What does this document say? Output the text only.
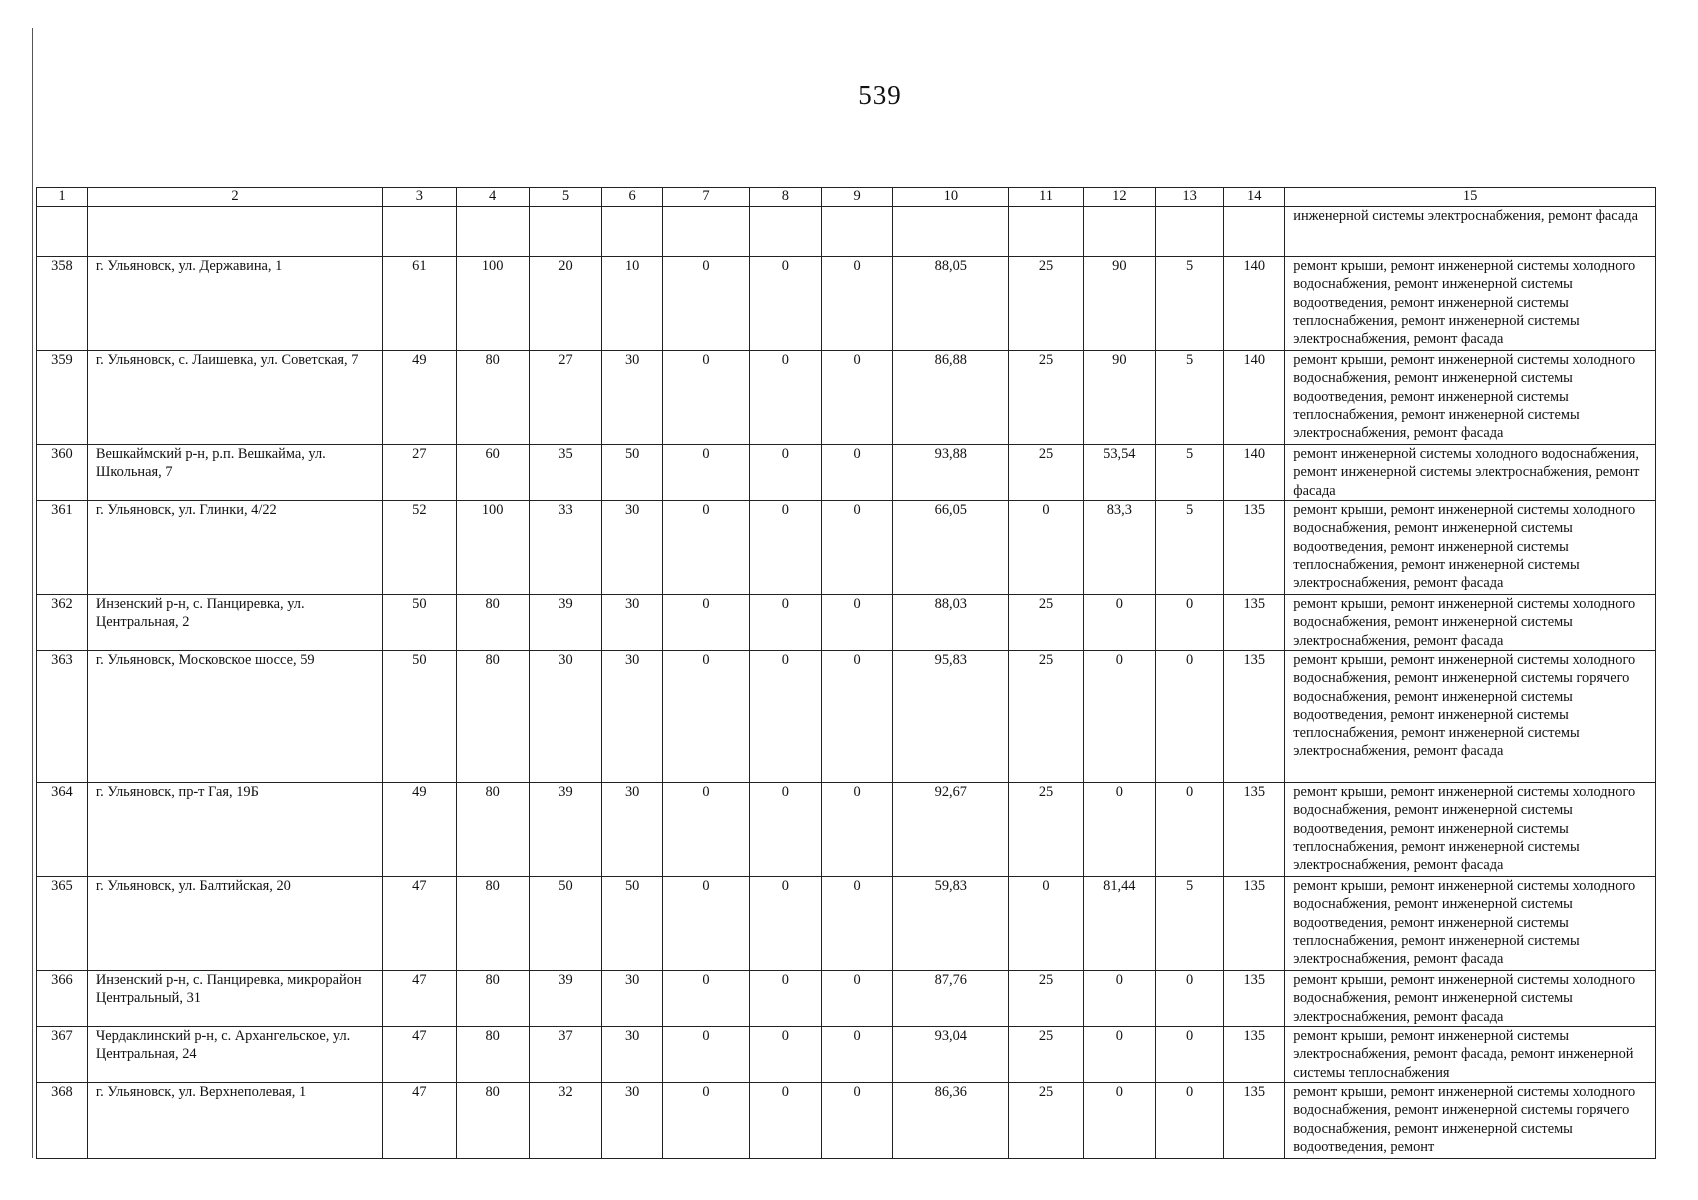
539
1	2	3	4	5	6	7	8	9	10	11	12	13	14	15
														инженерной системы электроснабжения, ремонт фасада
358	г. Ульяновск, ул. Державина, 1	61	100	20	10	0	0	0	88,05	25	90	5	140	ремонт крыши, ремонт инженерной системы холодного водоснабжения, ремонт инженерной системы водоотведения, ремонт инженерной системы теплоснабжения, ремонт инженерной системы электроснабжения, ремонт фасада
359	г. Ульяновск, с. Лаишевка, ул. Советская, 7	49	80	27	30	0	0	0	86,88	25	90	5	140	ремонт крыши, ремонт инженерной системы холодного водоснабжения, ремонт инженерной системы водоотведения, ремонт инженерной системы теплоснабжения, ремонт инженерной системы электроснабжения, ремонт фасада
360	Вешкаймский р-н, р.п. Вешкайма, ул. Школьная, 7	27	60	35	50	0	0	0	93,88	25	53,54	5	140	ремонт инженерной системы холодного водоснабжения, ремонт инженерной системы электроснабжения, ремонт фасада
361	г. Ульяновск, ул. Глинки, 4/22	52	100	33	30	0	0	0	66,05	0	83,3	5	135	ремонт крыши, ремонт инженерной системы холодного водоснабжения, ремонт инженерной системы водоотведения, ремонт инженерной системы теплоснабжения, ремонт инженерной системы электроснабжения, ремонт фасада
362	Инзенский р-н, с. Панциревка, ул. Центральная, 2	50	80	39	30	0	0	0	88,03	25	0	0	135	ремонт крыши, ремонт инженерной системы холодного водоснабжения, ремонт инженерной системы электроснабжения, ремонт фасада
363	г. Ульяновск, Московское шоссе, 59	50	80	30	30	0	0	0	95,83	25	0	0	135	ремонт крыши, ремонт инженерной системы холодного водоснабжения, ремонт инженерной системы горячего водоснабжения, ремонт инженерной системы водоотведения, ремонт инженерной системы теплоснабжения, ремонт инженерной системы электроснабжения, ремонт фасада
364	г. Ульяновск, пр-т Гая, 19Б	49	80	39	30	0	0	0	92,67	25	0	0	135	ремонт крыши, ремонт инженерной системы холодного водоснабжения, ремонт инженерной системы водоотведения, ремонт инженерной системы теплоснабжения, ремонт инженерной системы электроснабжения, ремонт фасада
365	г. Ульяновск, ул. Балтийская, 20	47	80	50	50	0	0	0	59,83	0	81,44	5	135	ремонт крыши, ремонт инженерной системы холодного водоснабжения, ремонт инженерной системы водоотведения, ремонт инженерной системы теплоснабжения, ремонт инженерной системы электроснабжения, ремонт фасада
366	Инзенский р-н, с. Панциревка, микрорайон Центральный, 31	47	80	39	30	0	0	0	87,76	25	0	0	135	ремонт крыши, ремонт инженерной системы холодного водоснабжения, ремонт инженерной системы электроснабжения, ремонт фасада
367	Чердаклинский р-н, с. Архангельское, ул. Центральная, 24	47	80	37	30	0	0	0	93,04	25	0	0	135	ремонт крыши, ремонт инженерной системы электроснабжения, ремонт фасада, ремонт инженерной системы теплоснабжения
368	г. Ульяновск, ул. Верхнеполевая, 1	47	80	32	30	0	0	0	86,36	25	0	0	135	ремонт крыши, ремонт инженерной системы холодного водоснабжения, ремонт инженерной системы горячего водоснабжения, ремонт инженерной системы водоотведения, ремонт
